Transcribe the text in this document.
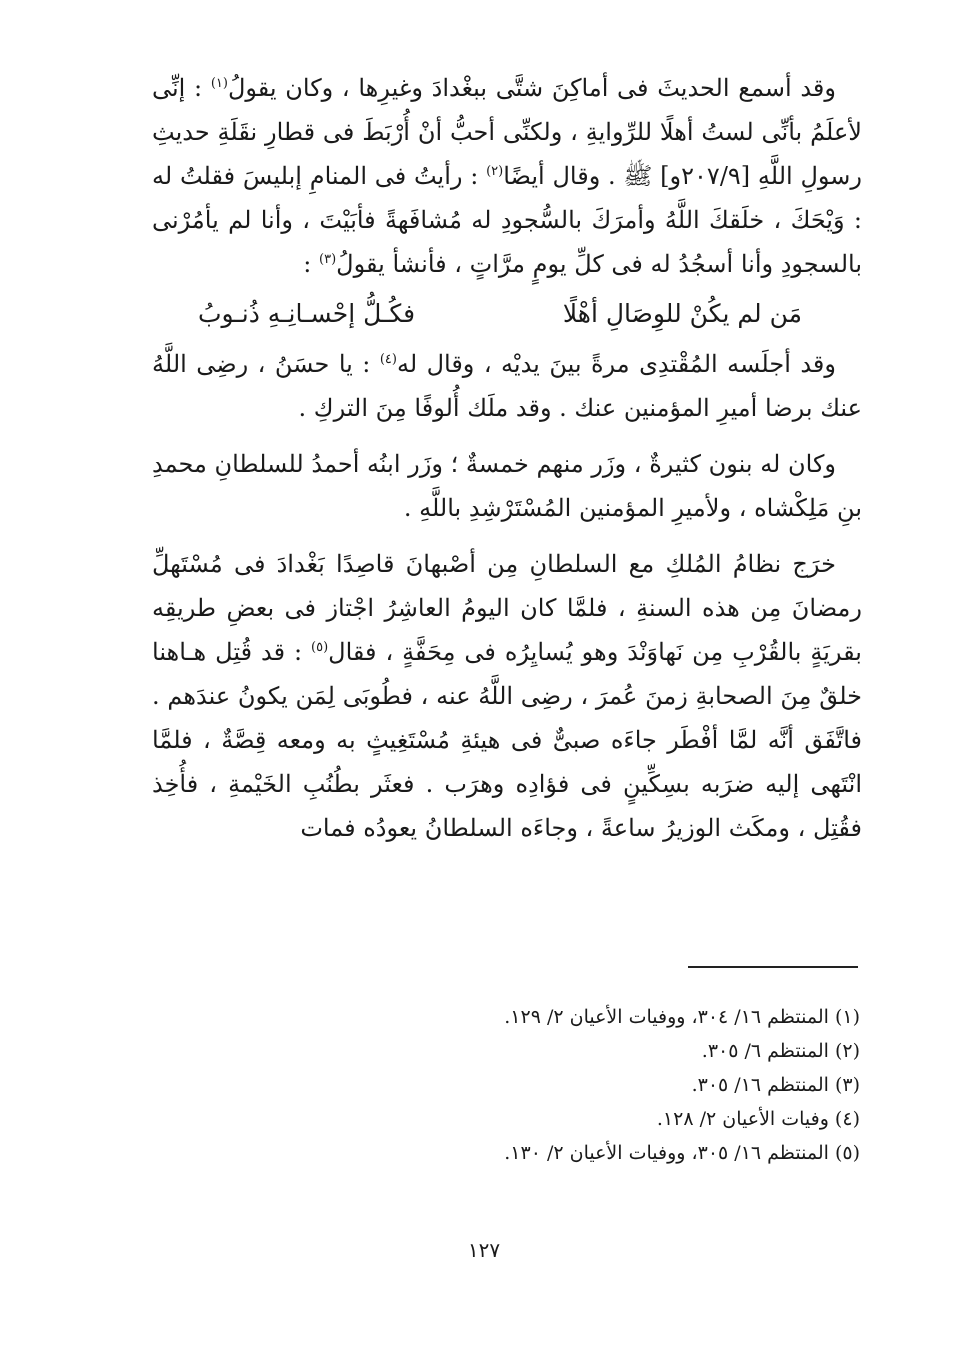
وقد أسمع الحديثَ فى أماكِنَ شتَّى ببغْدادَ وغيرِها ، وكان يقولُ$^{(١)}$ : إنِّى لأعلَمُ بأنِّى لستُ أهلًا للرِّوايةِ ، ولكنِّى أحبُّ أنْ أُرْبَطَ فى قطارِ نقَلَةِ حديثِ رسولِ اللَّهِ [٢٠٧/٩و] ﷺ . وقال أيضًا$^{(٢)}$ : رأيتُ فى المنامِ إبليسَ فقلتُ له : وَيْحَكَ ، خلَقكَ اللَّهُ وأمرَكَ بالسُّجودِ له مُشافَهةً فأبَيْتَ ، وأنا لم يأمُرْنى بالسجودِ وأنا أسجُدُ له فى كلِّ يومٍ مرَّاتٍ ، فأنشأ يقولُ$^{(٣)}$ :

مَن لم يكُنْ للوِصَالِ أهْلًا
فكُـلُّ إحْسـانِـهِ ذُنـوبُ

وقد أجلَسه المُقْتدِى مرةً بينَ يديْه ، وقال له$^{(٤)}$ : يا حسَنُ ، رضِى اللَّهُ عنك برضا أميرِ المؤمنين عنك . وقد ملَك أُلوفًا مِنَ التركِ .

وكان له بنون كثيرةٌ ، وزَر منهم خمسةٌ ؛ وزَر ابنُه أحمدُ للسلطانِ محمدِ بنِ مَلِكْشاه ، ولأميرِ المؤمنين المُسْتَرْشِدِ باللَّهِ .

خرَج نظامُ المُلكِ مع السلطانِ مِن أصْبهانَ قاصِدًا بَغْدادَ فى مُسْتَهلِّ رمضانَ مِن هذه السنةِ ، فلمَّا كان اليومُ العاشِرُ اجْتاز فى بعضِ طريقِه بقريَةٍ بالقُرْبِ مِن نَهاوَنْدَ وهو يُسايِرُه فى مِحَفَّةٍ ، فقال$^{(٥)}$ : قد قُتِل هـاهنا خلقٌ مِنَ الصحابةِ زمنَ عُمرَ ، رضِى اللَّهُ عنه ، فطُوبَى لِمَن يكونُ عندَهم . فاتَّفَق أنَّه لمَّا أفْطَر جاءَه صبىٌّ فى هيئةِ مُسْتَغِيثٍ به ومعه قِصَّةٌ ، فلمَّا انْتَهى إليه ضرَبه بسِكِّينٍ فى فؤادِه وهرَب . فعثَر بطُنُبِ الخَيْمةِ ، فأُخِذ فقُتِل ، ومكَث الوزيرُ ساعةً ، وجاءَه السلطانُ يعودُه فمات

(١) المنتظم ١٦/ ٣٠٤، ووفيات الأعيان ٢/ ١٢٩.
(٢) المنتظم ٦/ ٣٠٥.
(٣) المنتظم ١٦/ ٣٠٥.
(٤) وفيات الأعيان ٢/ ١٢٨.
(٥) المنتظم ١٦/ ٣٠٥، ووفيات الأعيان ٢/ ١٣٠.
١٢٧
